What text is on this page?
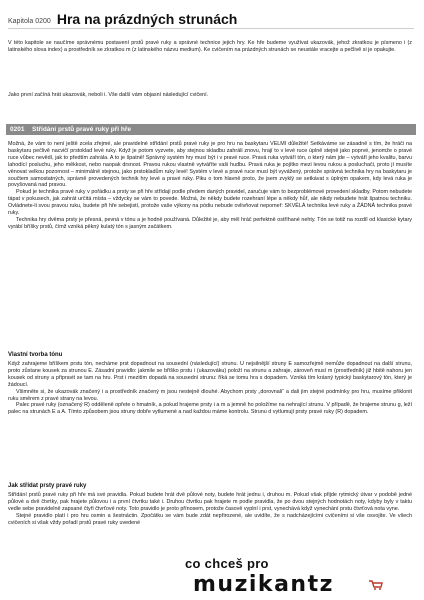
Kapitola 0200 Hra na prázdných strunách

V této kapitole se naučíme správnému postavení prstů pravé ruky a správné technice jejich hry. Ke hře budeme využívat ukazovák, jehož zkratkou je písmeno i (z latinského slova index) a prostředník se zkratkou m (z latinského názvu medium). Ke cvičením na prázdných strunách se neustále vracejte a pečlivě si je opakujte.

Jako první začíná hrát ukazovák, neboli i. Vše další vám objasní následující cvičení.

0201	Střídání prstů pravé ruky při hře

Možná, že vám to není ještě zcela zřejmé, ale pravidelné střídání prstů pravé ruky je pro hru na baskytaru VELMI důležité! Setkáváme se zásadně s tím, že hráči na baskytaru pečlivě nacvičí prstoklad levé ruky. Když je potom vyzvete, aby stejnou skladbu zahráli znovu, hrají to v levé ruce úplně stejně jako poprvé, jenomže o pravé ruce vůbec nevědí, jak to předtím zahrála. A to je špatně! Správný systém hry musí být i v pravé ruce. Pravá ruka vytváří tón, o který nám jde – vytváří jeho kvalitu, barvu lahodící posluchu, jeho měkkost, nebo naopak drsnost. Pravou rukou vlastně vytváříte vaši hudbu. Pravá ruka je pojítko mezi levou rukou a posluchači, proto jí musíte věnovat velkou pozornost – minimálně stejnou, jako prstokladům ruky levé! Systém v levé a pravé ruce musí být vyvážený, protože správná technika hry na baskytaru je součtem samostatných, správně provedených technik hry levé a pravé ruky. Piku o tom hlavně proto, že jsem zvyklý se setkávat s úplným opakem, kdy levá ruka je povyšovaná nad pravou.

Pokud je technika pravé ruky v pořádku a prsty se při hře střídají podle předem daných pravidel, zaručuje vám to bezproblémové provedení skladby. Potom nebudete tápat v pokusech, jak zahrát určitá místa – vždycky se vám to povede. Možná, že někdy budete rozehraní lépe a někdy hůř, ale nikdy nebudete hrát špatnou techniku. Ovládnete-li svou pravou ruku, budete při hře sebejistí, protože vaše výkony na pódiu nebude ovlivňovat nepomeř: SKVĚLÁ technika levé ruky a ŽÁDNÁ technika pravé ruky.

Technika hry dvěma prsty je přesná, pevná v tónu a je hodně používaná. Důležité je, aby měl hráč perfektně ostříhané nehty. Tón se totiž na rozdíl od klasické kytary vyrábí bříšky prstů, čímž vzniká pěkný kulatý tón s jasným začátkem.

Vlastní tvorba tónu

Když zahrajeme bříškem prstu tón, necháme prst dopadnout na sousední (následující) strunu. U nejsilnější struny E samozřejmě nemůže dopadnout na další strunu, proto zůstane kousek za strunou E. Zásadní pravidlo: jakmile se bříško prstu i (ukazováku) položí na strunu a zahraje, zároveň musí m (prostředník) již hbitě nahoru jen kousek od struny a připravit se tam na hru. Prst i mezitím dopadá na sousední strunu: říká se tomu hra s dopadem. Vzniká tím krásný typický baskytarový tón, který je žádoucí.

Všimněte si, že ukazovák značený i a prostředník značený m jsou nestejně dlouhé. Abychom prsty „dorovnali“ a dali jim stejné podmínky pro hru, musíme přiklonit ruku směrem z pravé strany na levou.

Palec pravé ruky (označený R) odděleně opřete o hmatník, a pokud hrajeme prsty i a m a jemně ho položíme na nehrající strunu. V případě, že hrajeme strunu g, leží palec na strunách E a A. Tímto způsobem jsou struny dobře vytlumené a nad každou máme kontrolu. Strunu d vytlumují prsty pravé ruky (R) dopadem.

Jak střídat prsty pravé ruky

Střídání prstů pravé ruky při hře má své pravidla. Pokud budete hrát dvě půlové noty, budete hrát jednu i, druhou m. Pokud však přijde rytmický útvar v podobě jedné půlové a dvě čtvrtky, pak hrajete půlovou i a první čtvrtku také i. Druhou čtvrtku pak hrajete m podle pravidla, že po dvou stejných hodnotách noty, kdyby byly v taktu vedle sebe pravidelně zapsané čtyři čtvrťové noty. Toto pravidlo je proto přínosem, protože časově vyplní i prst, vynechává když vynechání prstu čtvrťová nota vyne.

Stejné pravidlo platí i pro hru osmin a šestnáctin. Zpočátku se vám bude zdát nepřirozené, ale uvidíte, že s nadcházejícími cvičeními si vše osvojíte. Ve všech cvičeních si však vždy pořadí prstů pravé ruky uvedené

co chceš pro
muzikantz
